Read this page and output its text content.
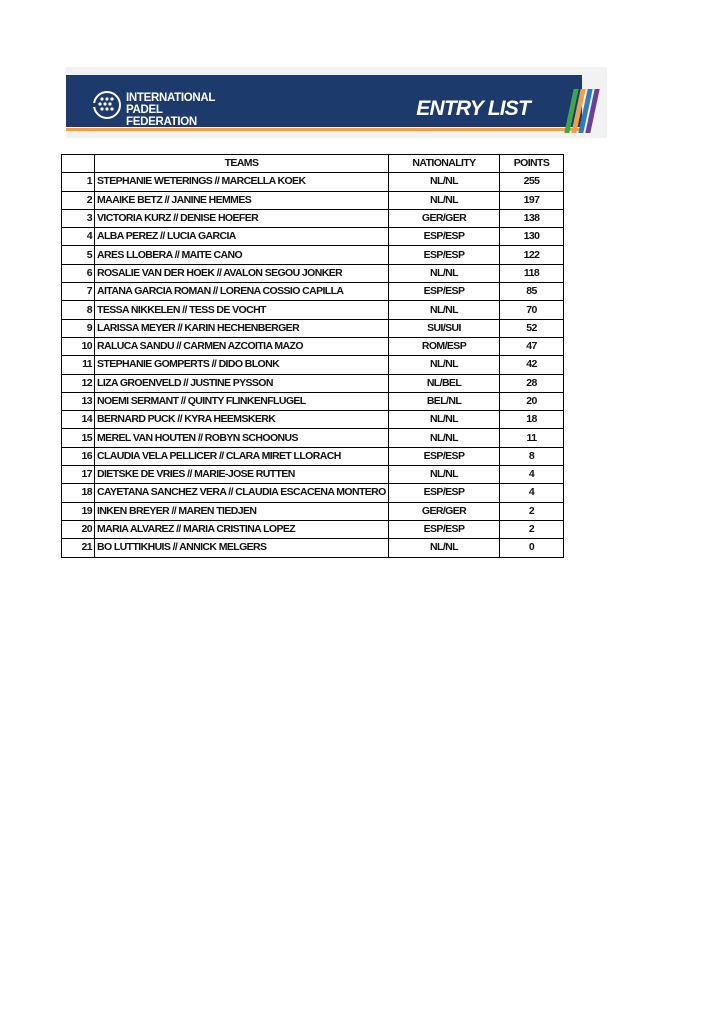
INTERNATIONAL
PADEL
FEDERATION
ENTRY LIST
	TEAMS	NATIONALITY	POINTS
1	STEPHANIE WETERINGS // MARCELLA KOEK	NL/NL	255
2	MAAIKE BETZ // JANINE HEMMES	NL/NL	197
3	VICTORIA KURZ // DENISE HOEFER	GER/GER	138
4	ALBA PEREZ // LUCIA GARCIA	ESP/ESP	130
5	ARES LLOBERA // MAITE CANO	ESP/ESP	122
6	ROSALIE VAN DER HOEK // AVALON SEGOU JONKER	NL/NL	118
7	AITANA GARCIA ROMAN // LORENA COSSIO CAPILLA	ESP/ESP	85
8	TESSA NIKKELEN // TESS DE VOCHT	NL/NL	70
9	LARISSA MEYER // KARIN HECHENBERGER	SUI/SUI	52
10	RALUCA SANDU // CARMEN AZCOITIA MAZO	ROM/ESP	47
11	STEPHANIE GOMPERTS // DIDO BLONK	NL/NL	42
12	LIZA GROENVELD // JUSTINE PYSSON	NL/BEL	28
13	NOEMI SERMANT // QUINTY FLINKENFLUGEL	BEL/NL	20
14	BERNARD PUCK // KYRA HEEMSKERK	NL/NL	18
15	MEREL VAN HOUTEN // ROBYN SCHOONUS	NL/NL	11
16	CLAUDIA VELA PELLICER // CLARA MIRET LLORACH	ESP/ESP	8
17	DIETSKE DE VRIES // MARIE-JOSE RUTTEN	NL/NL	4
18	CAYETANA SANCHEZ VERA // CLAUDIA ESCACENA MONTERO	ESP/ESP	4
19	INKEN BREYER // MAREN TIEDJEN	GER/GER	2
20	MARIA ALVAREZ // MARIA CRISTINA LOPEZ	ESP/ESP	2
21	BO LUTTIKHUIS // ANNICK MELGERS	NL/NL	0
